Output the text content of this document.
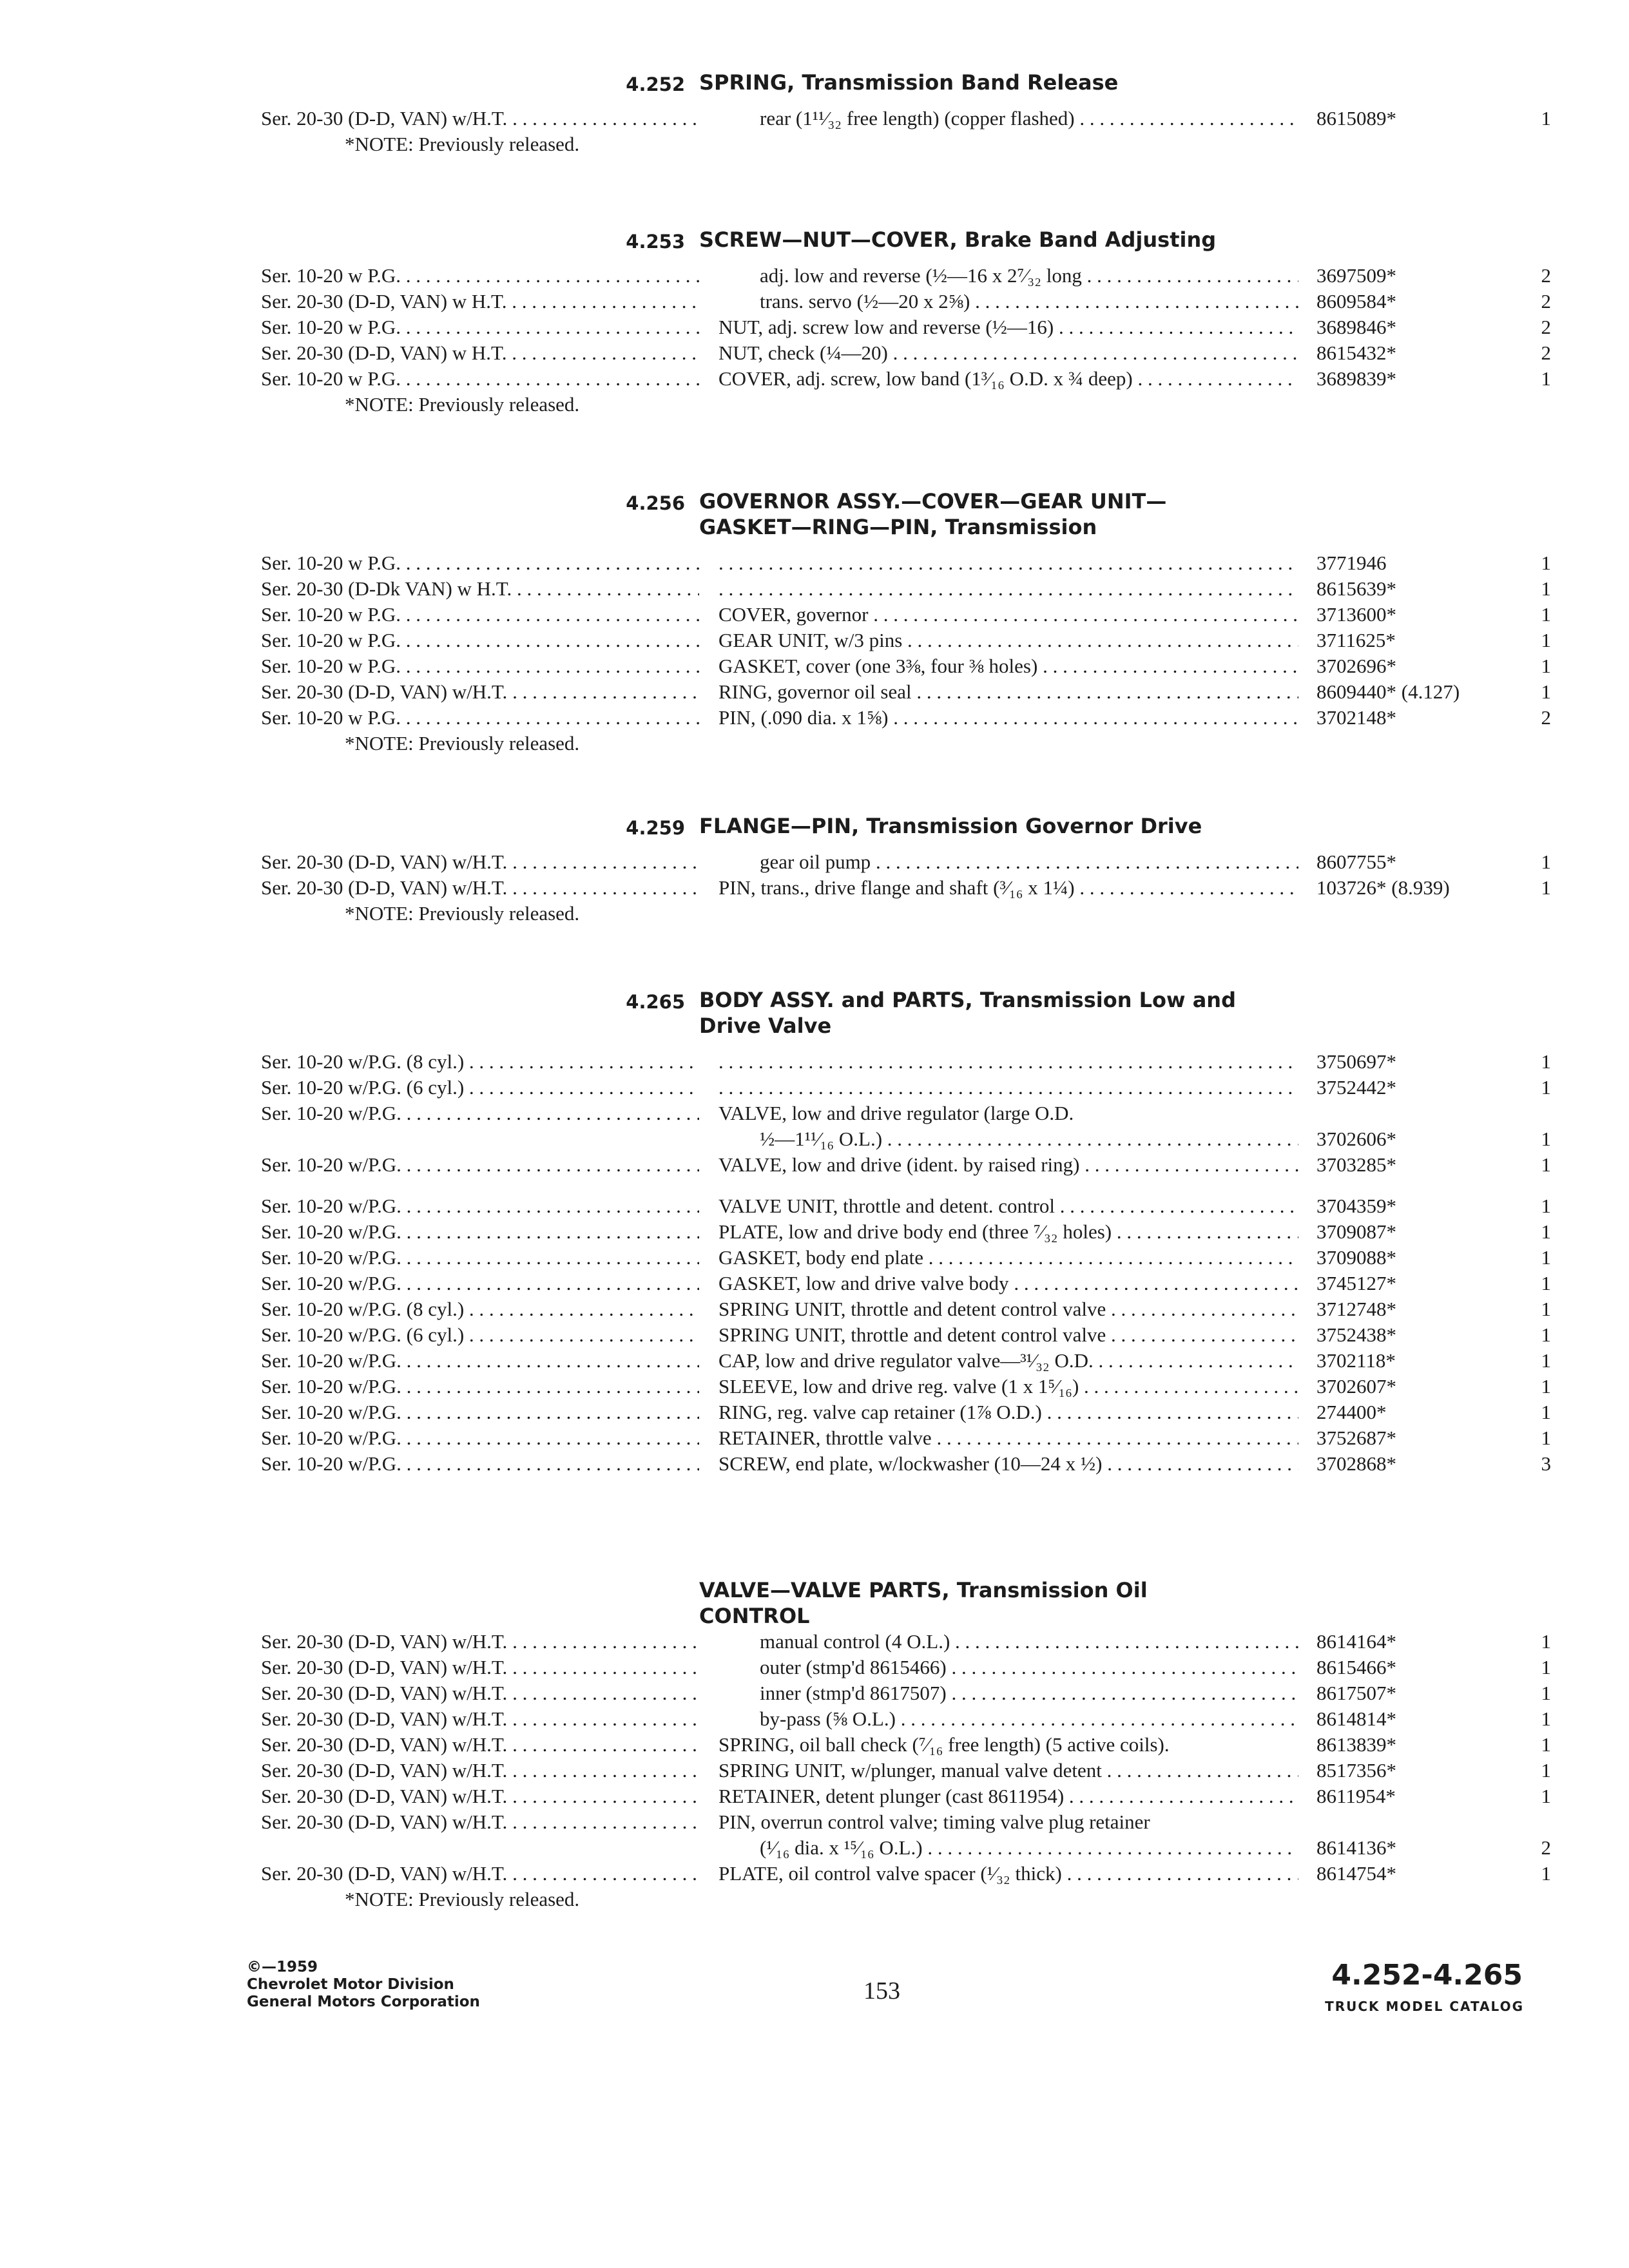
4.252 SPRING, Transmission Band Release
Ser. 20-30 (D-D, VAN) w/H.T. . . .	rear (1¹¹⁄₃₂ free length) (copper flashed) . . .	8615089*	1
*NOTE: Previously released.
4.253 SCREW—NUT—COVER, Brake Band Adjusting
Ser. 10-20 w P.G. . . .	adj. low and reverse (½—16 x 2⁷⁄₃₂ long . . .	3697509*	2
Ser. 20-30 (D-D, VAN) w H.T. . . .	trans. servo (½—20 x 2⅝) . . .	8609584*	2
Ser. 10-20 w P.G. . . .	NUT, adj. screw low and reverse (½—16) . . .	3689846*	2
Ser. 20-30 (D-D, VAN) w H.T. . . .	NUT, check (¼—20) . . .	8615432*	2
Ser. 10-20 w P.G. . . .	COVER, adj. screw, low band (1³⁄₁₆ O.D. x ¾ deep) . . .	3689839*	1
*NOTE: Previously released.
4.256 GOVERNOR ASSY.—COVER—GEAR UNIT—
GASKET—RING—PIN, Transmission
Ser. 10-20 w P.G. . . . . . .	3771946	1
Ser. 20-30 (D-Dk VAN) w H.T. . . . . . .	8615639*	1
Ser. 10-20 w P.G. . . .	COVER, governor . . .	3713600*	1
Ser. 10-20 w P.G. . . .	GEAR UNIT, w/3 pins . . .	3711625*	1
Ser. 10-20 w P.G. . . .	GASKET, cover (one 3⅜, four ⅜ holes) . . .	3702696*	1
Ser. 20-30 (D-D, VAN) w/H.T. . . .	RING, governor oil seal . . .	8609440* (4.127)	1
Ser. 10-20 w P.G. . . .	PIN, (.090 dia. x 1⅝) . . .	3702148*	2
*NOTE: Previously released.
4.259 FLANGE—PIN, Transmission Governor Drive
Ser. 20-30 (D-D, VAN) w/H.T. . . .	gear oil pump . . .	8607755*	1
Ser. 20-30 (D-D, VAN) w/H.T. . . .	PIN, trans., drive flange and shaft (³⁄₁₆ x 1¼) . . .	103726* (8.939)	1
*NOTE: Previously released.
4.265 BODY ASSY. and PARTS, Transmission Low and
Drive Valve
Ser. 10-20 w/P.G. (8 cyl.) . . . . . .	3750697*	1
Ser. 10-20 w/P.G. (6 cyl.) . . . . . .	3752442*	1
Ser. 10-20 w/P.G. . . .	VALVE, low and drive regulator (large O.D.
½—1¹¹⁄₁₆ O.L.) . . .	3702606*	1
Ser. 10-20 w/P.G. . . .	VALVE, low and drive (ident. by raised ring) . . .	3703285*	1
Ser. 10-20 w/P.G. . . .	VALVE UNIT, throttle and detent. control . . .	3704359*	1
Ser. 10-20 w/P.G. . . .	PLATE, low and drive body end (three ⁷⁄₃₂ holes) . . .	3709087*	1
Ser. 10-20 w/P.G. . . .	GASKET, body end plate . . .	3709088*	1
Ser. 10-20 w/P.G. . . .	GASKET, low and drive valve body . . .	3745127*	1
Ser. 10-20 w/P.G. (8 cyl.) . . .	SPRING UNIT, throttle and detent control valve . . .	3712748*	1
Ser. 10-20 w/P.G. (6 cyl.) . . .	SPRING UNIT, throttle and detent control valve . . .	3752438*	1
Ser. 10-20 w/P.G. . . .	CAP, low and drive regulator valve—³¹⁄₃₂ O.D. . . .	3702118*	1
Ser. 10-20 w/P.G. . . .	SLEEVE, low and drive reg. valve (1 x 1⁵⁄₁₆) . . .	3702607*	1
Ser. 10-20 w/P.G. . . .	RING, reg. valve cap retainer (1⅞ O.D.) . . .	274400*	1
Ser. 10-20 w/P.G. . . .	RETAINER, throttle valve . . .	3752687*	1
Ser. 10-20 w/P.G. . . .	SCREW, end plate, w/lockwasher (10—24 x ½) . . .	3702868*	3
VALVE—VALVE PARTS, Transmission Oil
CONTROL
Ser. 20-30 (D-D, VAN) w/H.T. . . .	manual control (4 O.L.) . . .	8614164*	1
Ser. 20-30 (D-D, VAN) w/H.T. . . .	outer (stmp'd 8615466) . . .	8615466*	1
Ser. 20-30 (D-D, VAN) w/H.T. . . .	inner (stmp'd 8617507) . . .	8617507*	1
Ser. 20-30 (D-D, VAN) w/H.T. . . .	by-pass (⅝ O.L.) . . .	8614814*	1
Ser. 20-30 (D-D, VAN) w/H.T. . . .	SPRING, oil ball check (⁷⁄₁₆ free length) (5 active coils).	8613839*	1
Ser. 20-30 (D-D, VAN) w/H.T. . . .	SPRING UNIT, w/plunger, manual valve detent . . .	8517356*	1
Ser. 20-30 (D-D, VAN) w/H.T. . . .	RETAINER, detent plunger (cast 8611954) . . .	8611954*	1
Ser. 20-30 (D-D, VAN) w/H.T. . . .	PIN, overrun control valve; timing valve plug retainer
(¹⁄₁₆ dia. x ¹⁵⁄₁₆ O.L.) . . .	8614136*	2
Ser. 20-30 (D-D, VAN) w/H.T. . . .	PLATE, oil control valve spacer (¹⁄₃₂ thick) . . .	8614754*	1
*NOTE: Previously released.
©—1959
Chevrolet Motor Division
General Motors Corporation	153	4.252-4.265
TRUCK MODEL CATALOG
